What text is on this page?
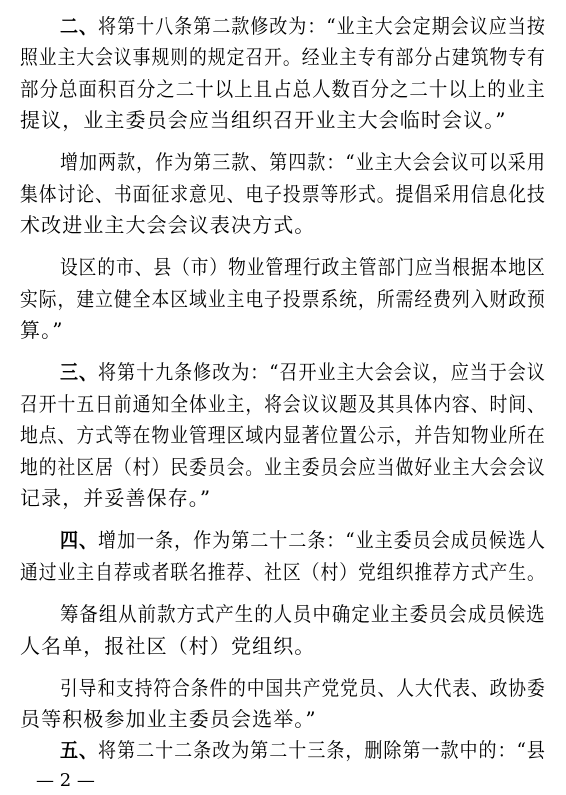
二、将第十八条第二款修改为：“业主大会定期会议应当按
照业主大会议事规则的规定召开。经业主专有部分占建筑物专有
部分总面积百分之二十以上且占总人数百分之二十以上的业主
提议，业主委员会应当组织召开业主大会临时会议。”
增加两款，作为第三款、第四款：“业主大会会议可以采用
集体讨论、书面征求意见、电子投票等形式。提倡采用信息化技
术改进业主大会会议表决方式。
设区的市、县（市）物业管理行政主管部门应当根据本地区
实际，建立健全本区域业主电子投票系统，所需经费列入财政预
算。”
三、将第十九条修改为：“召开业主大会会议，应当于会议
召开十五日前通知全体业主，将会议议题及其具体内容、时间、
地点、方式等在物业管理区域内显著位置公示，并告知物业所在
地的社区居（村）民委员会。业主委员会应当做好业主大会会议
记录，并妥善保存。”
四、增加一条，作为第二十二条：“业主委员会成员候选人
通过业主自荐或者联名推荐、社区（村）党组织推荐方式产生。
筹备组从前款方式产生的人员中确定业主委员会成员候选
人名单，报社区（村）党组织。
引导和支持符合条件的中国共产党党员、人大代表、政协委
员等积极参加业主委员会选举。”
五、将第二十二条改为第二十三条，删除第一款中的：“县
— 2 —
